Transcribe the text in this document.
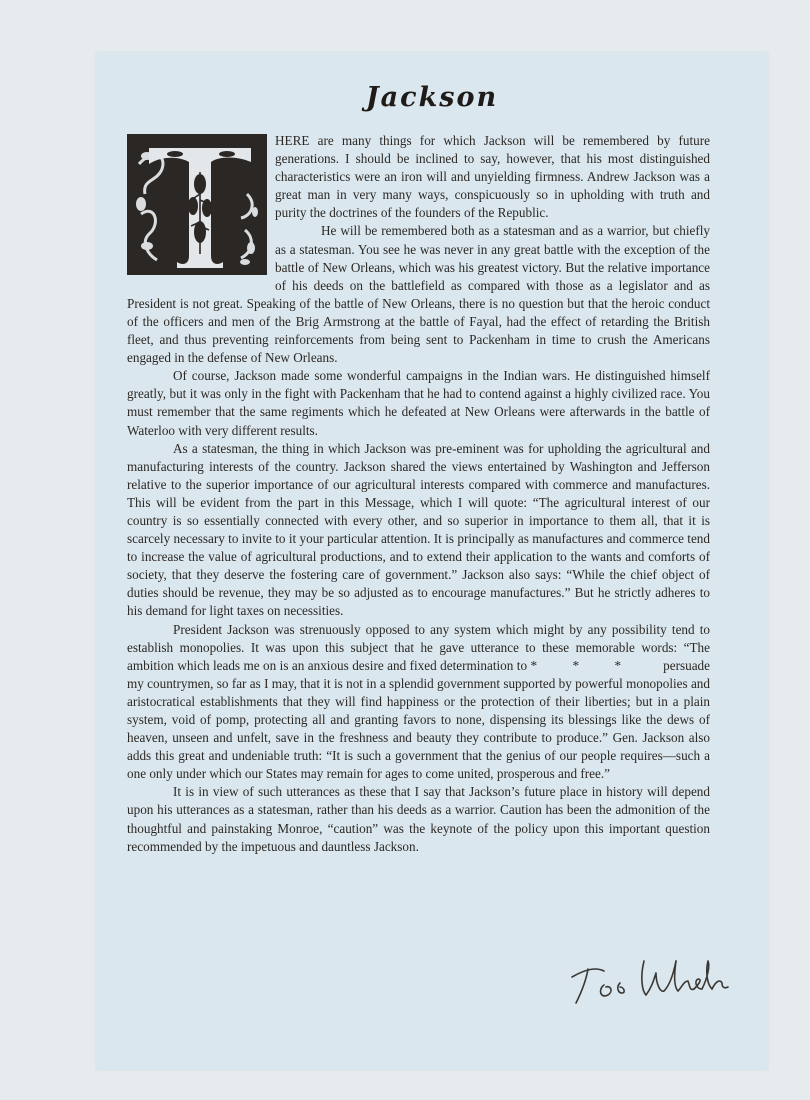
Jackson

HERE are many things for which Jackson will be remembered by future generations. I should be inclined to say, however, that his most distinguished characteristics were an iron will and unyielding firmness. Andrew Jackson was a great man in very many ways, conspicuously so in upholding with truth and purity the doctrines of the founders of the Republic.

He will be remembered both as a statesman and as a warrior, but chiefly as a statesman. You see he was never in any great battle with the exception of the battle of New Orleans, which was his greatest victory. But the relative importance of his deeds on the battlefield as compared with those as a legislator and as President is not great. Speaking of the battle of New Orleans, there is no question but that the heroic conduct of the officers and men of the Brig Armstrong at the battle of Fayal, had the effect of retarding the British fleet, and thus preventing reinforcements from being sent to Packenham in time to crush the Americans engaged in the defense of New Orleans.

Of course, Jackson made some wonderful campaigns in the Indian wars. He distinguished himself greatly, but it was only in the fight with Packenham that he had to contend against a highly civilized race. You must remember that the same regiments which he defeated at New Orleans were afterwards in the battle of Waterloo with very different results.

As a statesman, the thing in which Jackson was pre-eminent was for upholding the agricultural and manufacturing interests of the country. Jackson shared the views entertained by Washington and Jefferson relative to the superior importance of our agricultural interests compared with commerce and manufactures. This will be evident from the part in this Message, which I will quote: “The agricultural interest of our country is so essentially connected with every other, and so superior in importance to them all, that it is scarcely necessary to invite to it your particular attention. It is principally as manufactures and commerce tend to increase the value of agricultural productions, and to extend their application to the wants and comforts of society, that they deserve the fostering care of government.” Jackson also says: “While the chief object of duties should be revenue, they may be so adjusted as to encourage manufactures.” But he strictly adheres to his demand for light taxes on necessities.

President Jackson was strenuously opposed to any system which might by any possibility tend to establish monopolies. It was upon this subject that he gave utterance to these memorable words: “The ambition which leads me on is an anxious desire and fixed determination to * * * persuade my countrymen, so far as I may, that it is not in a splendid government supported by powerful monopolies and aristocratical establishments that they will find happiness or the protection of their liberties; but in a plain system, void of pomp, protecting all and granting favors to none, dispensing its blessings like the dews of heaven, unseen and unfelt, save in the freshness and beauty they contribute to produce.” Gen. Jackson also adds this great and undeniable truth: “It is such a government that the genius of our people requires—such a one only under which our States may remain for ages to come united, prosperous and free.”

It is in view of such utterances as these that I say that Jackson’s future place in history will depend upon his utterances as a statesman, rather than his deeds as a warrior. Caution has been the admonition of the thoughtful and painstaking Monroe, “caution” was the keynote of the policy upon this important question recommended by the impetuous and dauntless Jackson.
